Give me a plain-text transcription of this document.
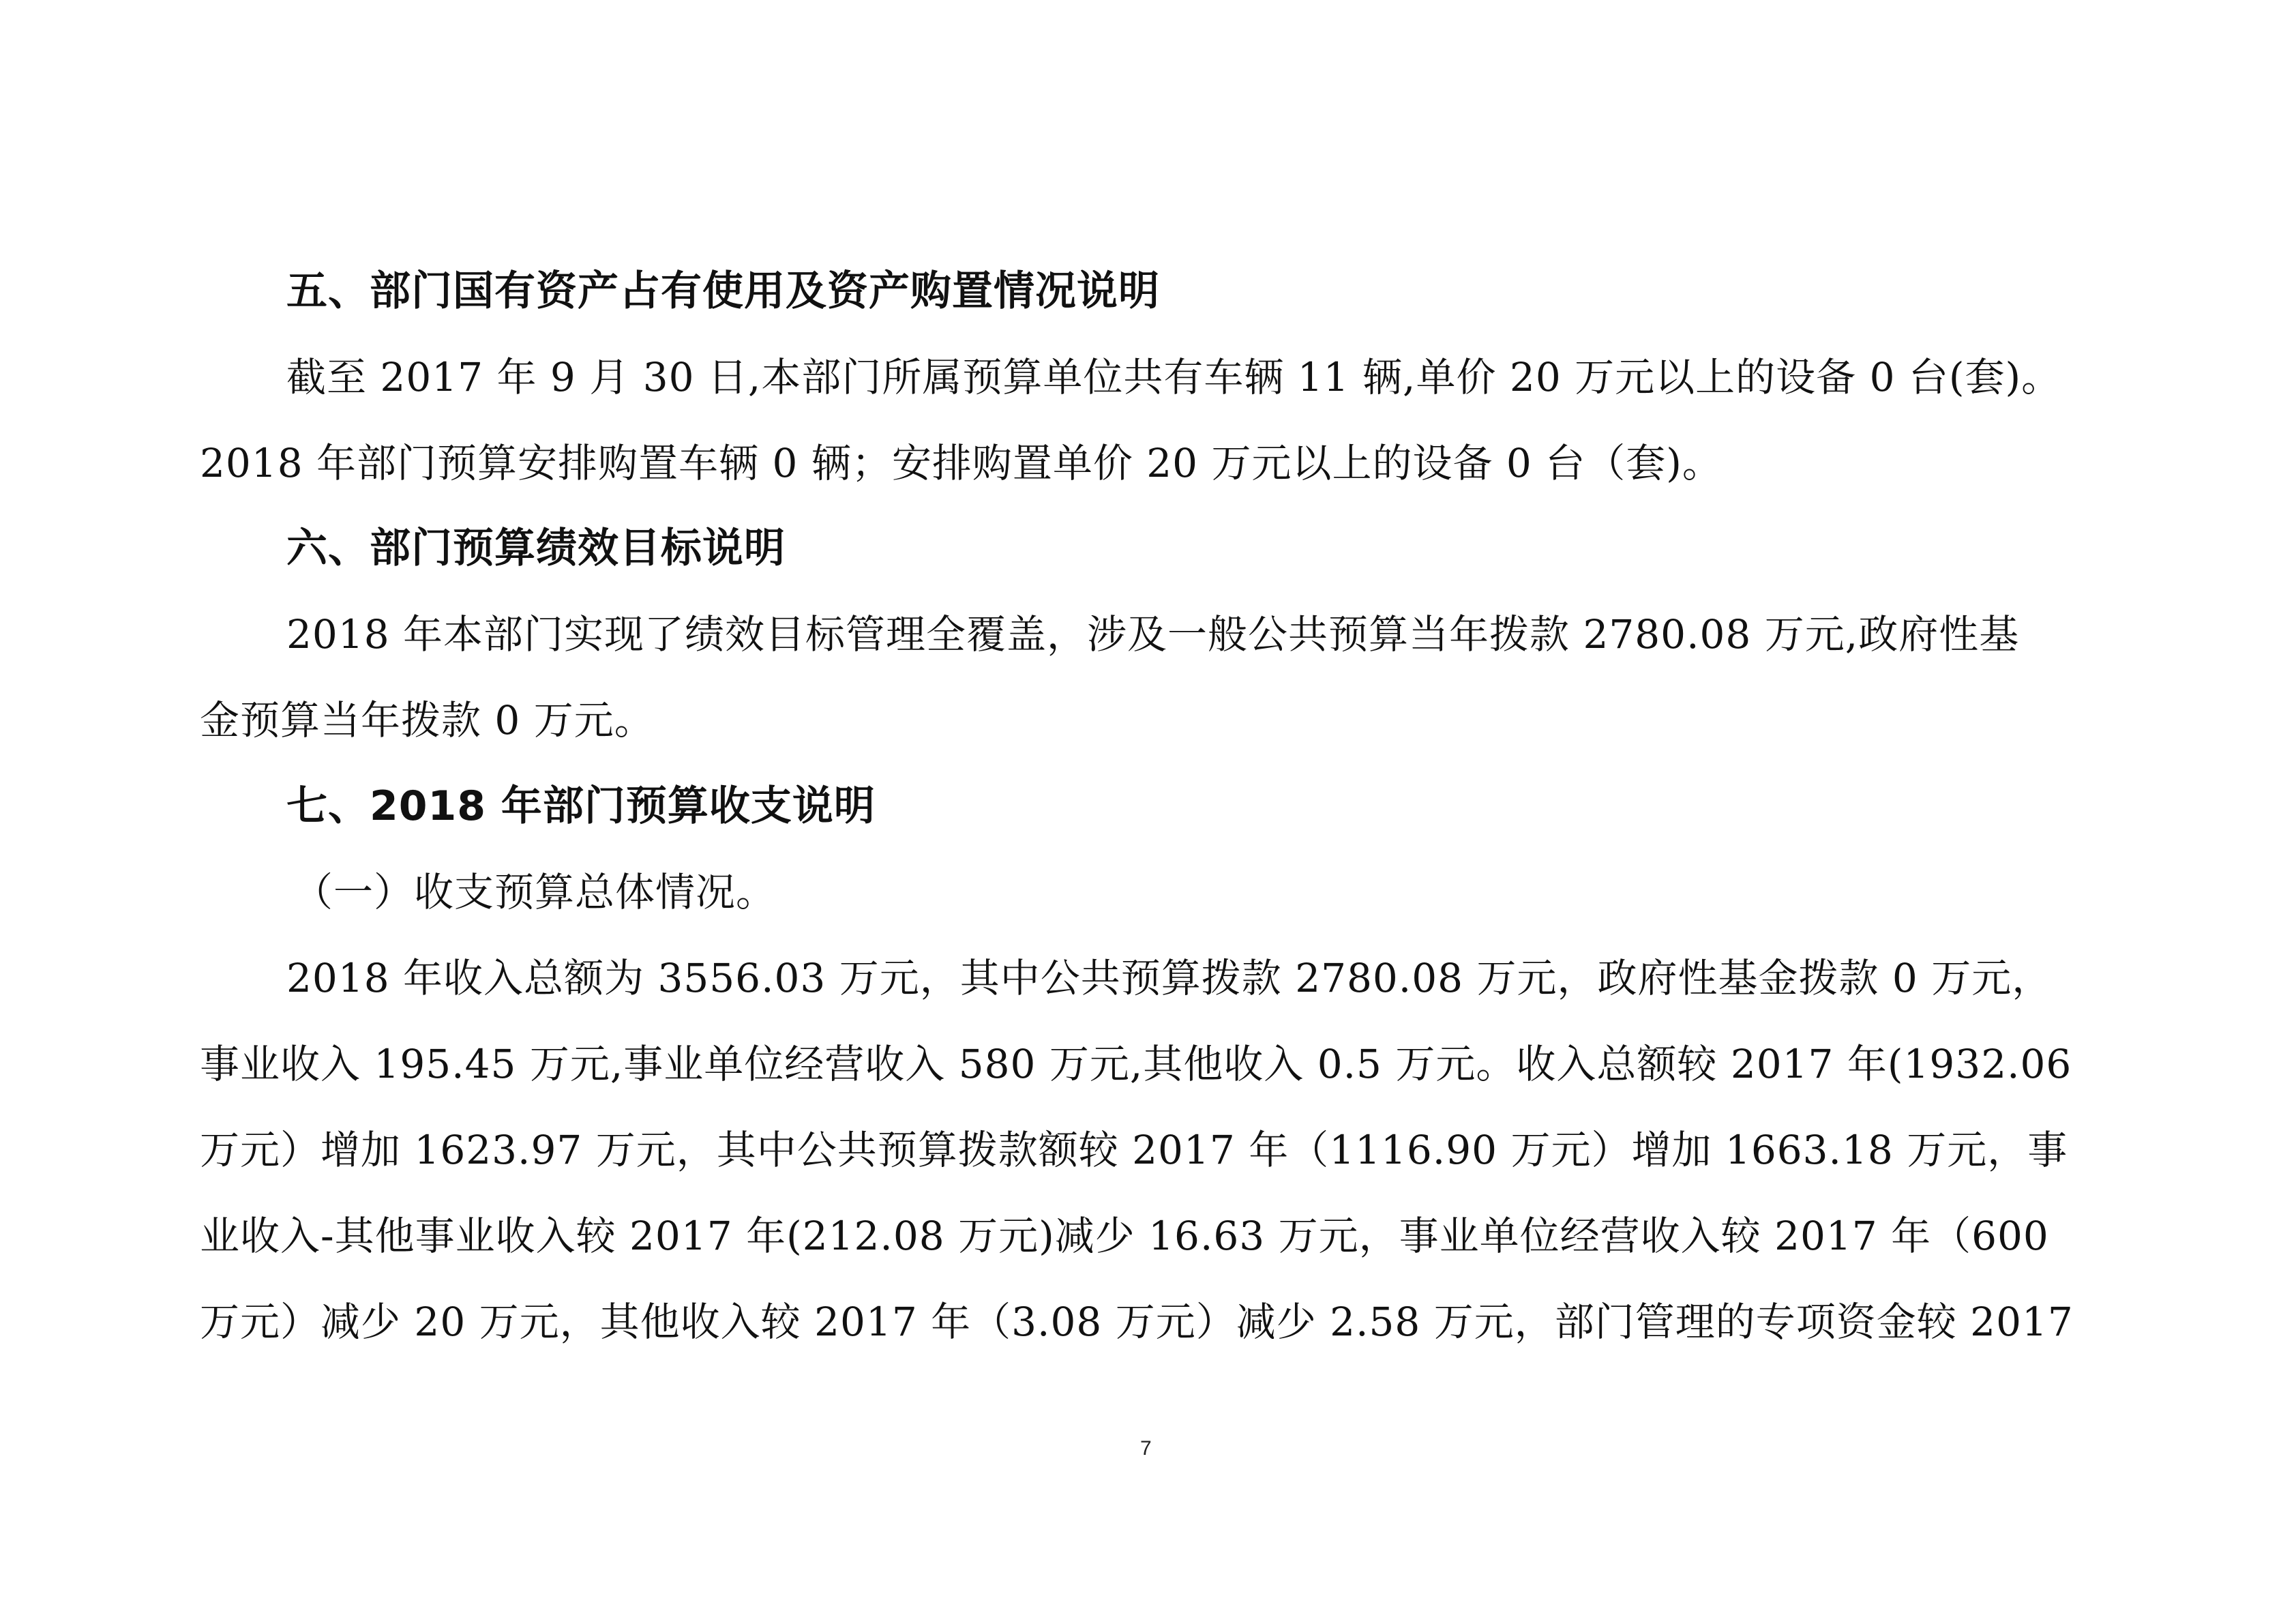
五、部门国有资产占有使用及资产购置情况说明
截至 2017 年 9 月 30 日,本部门所属预算单位共有车辆 11 辆,单价 20 万元以上的设备 0 台(套)。
2018 年部门预算安排购置车辆 0 辆；安排购置单价 20 万元以上的设备 0 台（套)。
六、部门预算绩效目标说明
2018 年本部门实现了绩效目标管理全覆盖，涉及一般公共预算当年拨款 2780.08 万元,政府性基
金预算当年拨款 0 万元。
七、2018 年部门预算收支说明
（一）收支预算总体情况。
2018 年收入总额为 3556.03 万元，其中公共预算拨款 2780.08 万元，政府性基金拨款 0 万元，
事业收入 195.45 万元,事业单位经营收入 580 万元,其他收入 0.5 万元。收入总额较 2017 年(1932.06
万元）增加 1623.97 万元，其中公共预算拨款额较 2017 年（1116.90 万元）增加 1663.18 万元，事
业收入-其他事业收入较 2017 年(212.08 万元)减少 16.63 万元，事业单位经营收入较 2017 年（600
万元）减少 20 万元，其他收入较 2017 年（3.08 万元）减少 2.58 万元，部门管理的专项资金较 2017
7
